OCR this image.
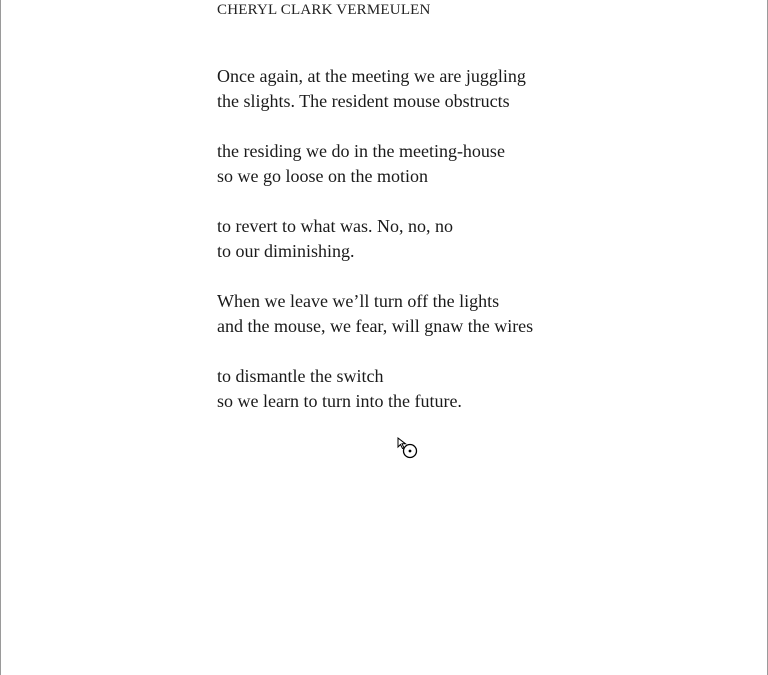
CHERYL CLARK VERMEULEN

Once again, at the meeting we are juggling
the slights. The resident mouse obstructs
the residing we do in the meeting-house
so we go loose on the motion
to revert to what was. No, no, no
to our diminishing.
When we leave we’ll turn off the lights
and the mouse, we fear, will gnaw the wires
to dismantle the switch
so we learn to turn into the future.
